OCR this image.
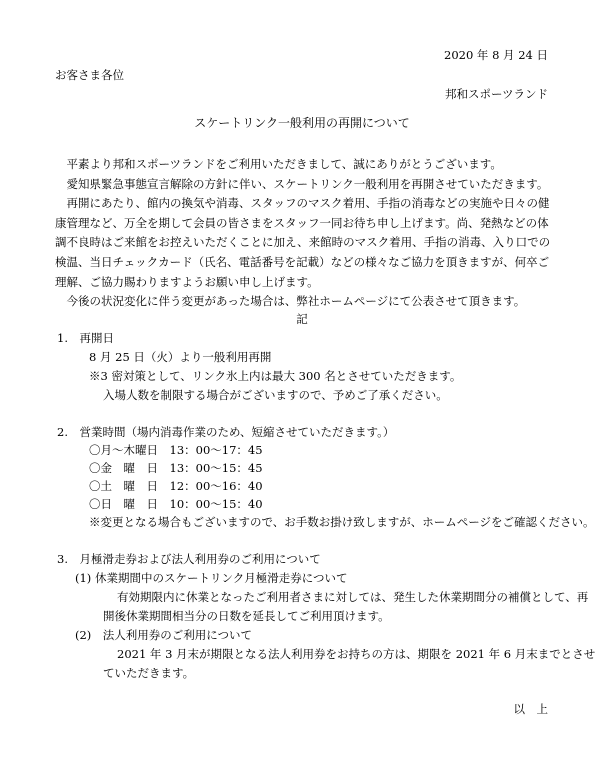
2020 年 8 月 24 日
お客さま各位
邦和スポーツランド
スケートリンク一般利用の再開について

平素より邦和スポーツランドをご利用いただきまして、誠にありがとうございます。

愛知県緊急事態宣言解除の方針に伴い、スケートリンク一般利用を再開させていただきます。

再開にあたり、館内の換気や消毒、スタッフのマスク着用、手指の消毒などの実施や日々の健康管理など、万全を期して会員の皆さまをスタッフ一同お待ち申し上げます。尚、発熱などの体調不良時はご来館をお控えいただくことに加え、来館時のマスク着用、手指の消毒、入り口での検温、当日チェックカード（氏名、電話番号を記載）などの様々なご協力を頂きますが、何卒ご理解、ご協力賜わりますようお願い申し上げます。

今後の状況変化に伴う変更があった場合は、弊社ホームページにて公表させて頂きます。

記
1.　再開日
8 月 25 日（火）より一般利用再開
※3 密対策として、リンク氷上内は最大 300 名とさせていただきます。
入場人数を制限する場合がございますので、予めご了承ください。
2.　営業時間（場内消毒作業のため、短縮させていただきます。）
〇月～木曜日　13：00～17：45
〇金　曜　日　13：00～15：45
〇土　曜　日　12：00～16：40
〇日　曜　日　10：00～15：40
※変更となる場合もございますので、お手数お掛け致しますが、ホームページをご確認ください。
3.　月極滑走券および法人利用券のご利用について
(1) 休業期間中のスケートリンク月極滑走券について
有効期限内に休業となったご利用者さまに対しては、発生した休業期間分の補償として、再
開後休業期間相当分の日数を延長してご利用頂けます。
(2)　法人利用券のご利用について
2021 年 3 月末が期限となる法人利用券をお持ちの方は、期限を 2021 年 6 月末までとさせ
ていただきます。
以　上
